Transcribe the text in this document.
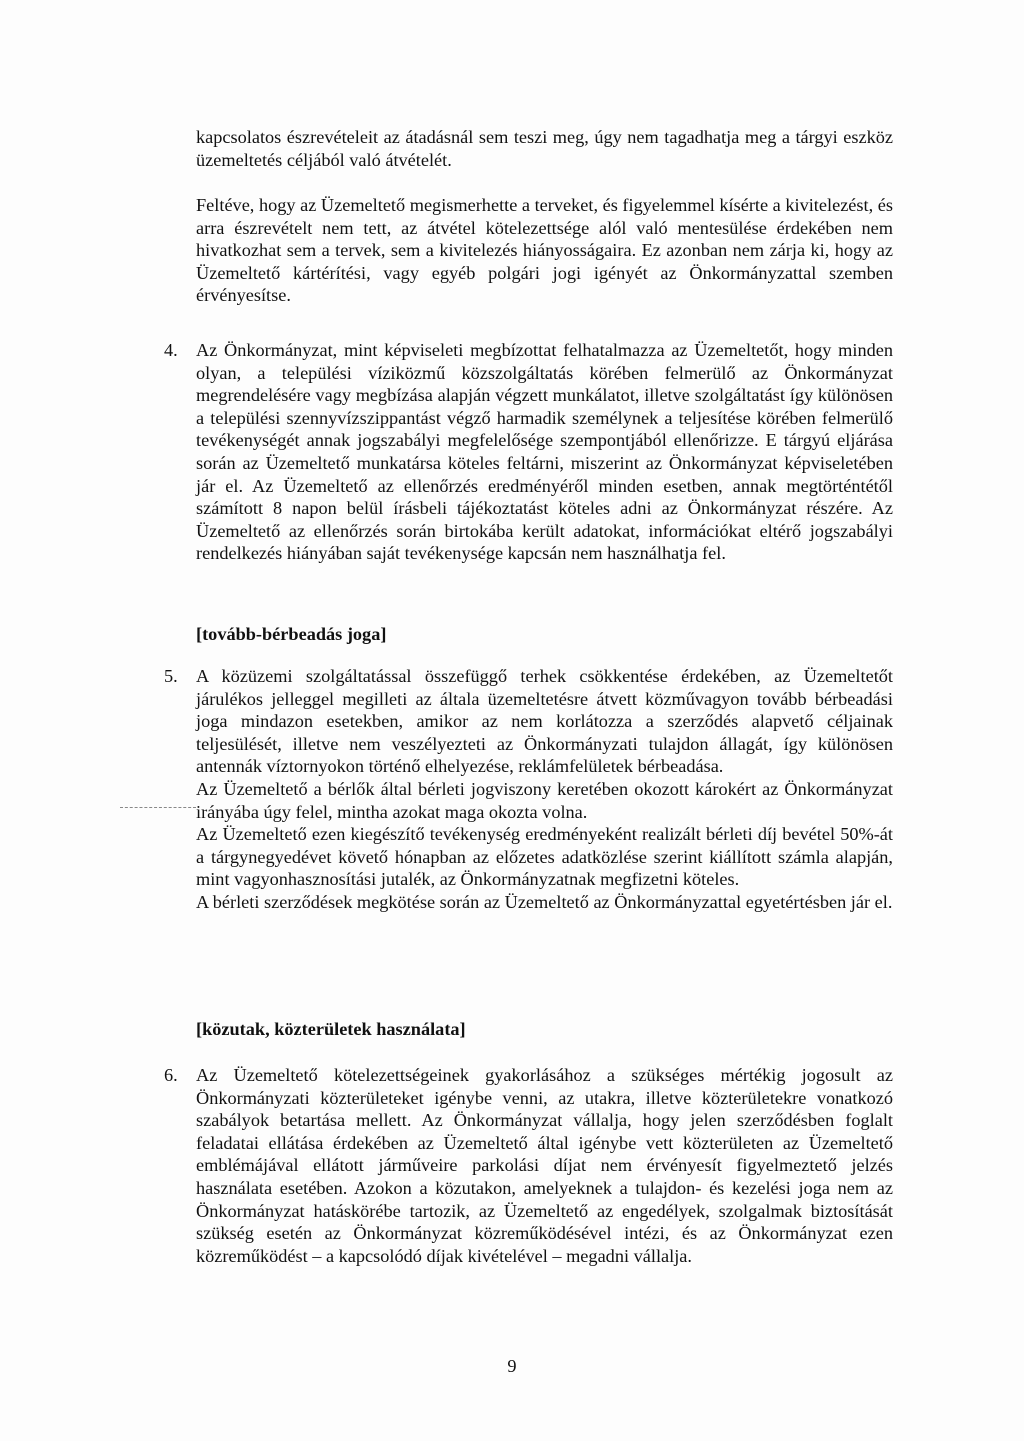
kapcsolatos észrevételeit az átadásnál sem teszi meg, úgy nem tagadhatja meg a tárgyi eszköz üzemeltetés céljából való átvételét.

Feltéve, hogy az Üzemeltető megismerhette a terveket, és figyelemmel kísérte a kivitelezést, és arra észrevételt nem tett, az átvétel kötelezettsége alól való mentesülése érdekében nem hivatkozhat sem a tervek, sem a kivitelezés hiányosságaira. Ez azonban nem zárja ki, hogy az Üzemeltető kártérítési, vagy egyéb polgári jogi igényét az Önkormányzattal szemben érvényesítse.

4. Az Önkormányzat, mint képviseleti megbízottat felhatalmazza az Üzemeltetőt, hogy minden olyan, a települési víziközmű közszolgáltatás körében felmerülő az Önkormányzat megrendelésére vagy megbízása alapján végzett munkálatot, illetve szolgáltatást így különösen a települési szennyvízszippantást végző harmadik személynek a teljesítése körében felmerülő tevékenységét annak jogszabályi megfelelősége szempontjából ellenőrizze. E tárgyú eljárása során az Üzemeltető munkatársa köteles feltárni, miszerint az Önkormányzat képviseletében jár el. Az Üzemeltető az ellenőrzés eredményéről minden esetben, annak megtörténtétől számított 8 napon belül írásbeli tájékoztatást köteles adni az Önkormányzat részére. Az Üzemeltető az ellenőrzés során birtokába került adatokat, információkat eltérő jogszabályi rendelkezés hiányában saját tevékenysége kapcsán nem használhatja fel.

[tovább-bérbeadás joga]

5. A közüzemi szolgáltatással összefüggő terhek csökkentése érdekében, az Üzemeltetőt járulékos jelleggel megilleti az általa üzemeltetésre átvett közművagyon tovább bérbeadási joga mindazon esetekben, amikor az nem korlátozza a szerződés alapvető céljainak teljesülését, illetve nem veszélyezteti az Önkormányzati tulajdon állagát, így különösen antennák víztornyokon történő elhelyezése, reklámfelületek bérbeadása.

Az Üzemeltető a bérlők által bérleti jogviszony keretében okozott károkért az Önkormányzat irányába úgy felel, mintha azokat maga okozta volna.

Az Üzemeltető ezen kiegészítő tevékenység eredményeként realizált bérleti díj bevétel 50%-át a tárgynegyedévet követő hónapban az előzetes adatközlése szerint kiállított számla alapján, mint vagyonhasznosítási jutalék, az Önkormányzatnak megfizetni köteles.

A bérleti szerződések megkötése során az Üzemeltető az Önkormányzattal egyetértésben jár el.

[közutak, közterületek használata]

6. Az Üzemeltető kötelezettségeinek gyakorlásához a szükséges mértékig jogosult az Önkormányzati közterületeket igénybe venni, az utakra, illetve közterületekre vonatkozó szabályok betartása mellett. Az Önkormányzat vállalja, hogy jelen szerződésben foglalt feladatai ellátása érdekében az Üzemeltető által igénybe vett közterületen az Üzemeltető emblémájával ellátott járműveire parkolási díjat nem érvényesít figyelmeztető jelzés használata esetében. Azokon a közutakon, amelyeknek a tulajdon- és kezelési joga nem az Önkormányzat hatáskörébe tartozik, az Üzemeltető az engedélyek, szolgalmak biztosítását szükség esetén az Önkormányzat közreműködésével intézi, és az Önkormányzat ezen közreműködést – a kapcsolódó díjak kivételével – megadni vállalja.

9
